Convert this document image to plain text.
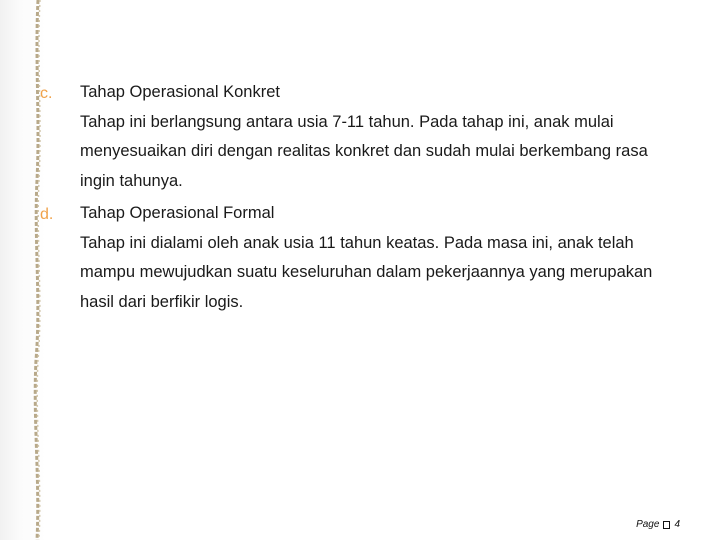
c. Tahap Operasional Konkret
Tahap ini berlangsung antara usia 7-11 tahun. Pada tahap ini, anak mulai menyesuaikan diri dengan realitas konkret dan sudah mulai berkembang rasa ingin tahunya.
d. Tahap Operasional Formal
Tahap ini dialami oleh anak usia 11 tahun keatas. Pada masa ini, anak telah mampu mewujudkan suatu keseluruhan dalam pekerjaannya yang merupakan hasil dari berfikir logis.
Page 4
